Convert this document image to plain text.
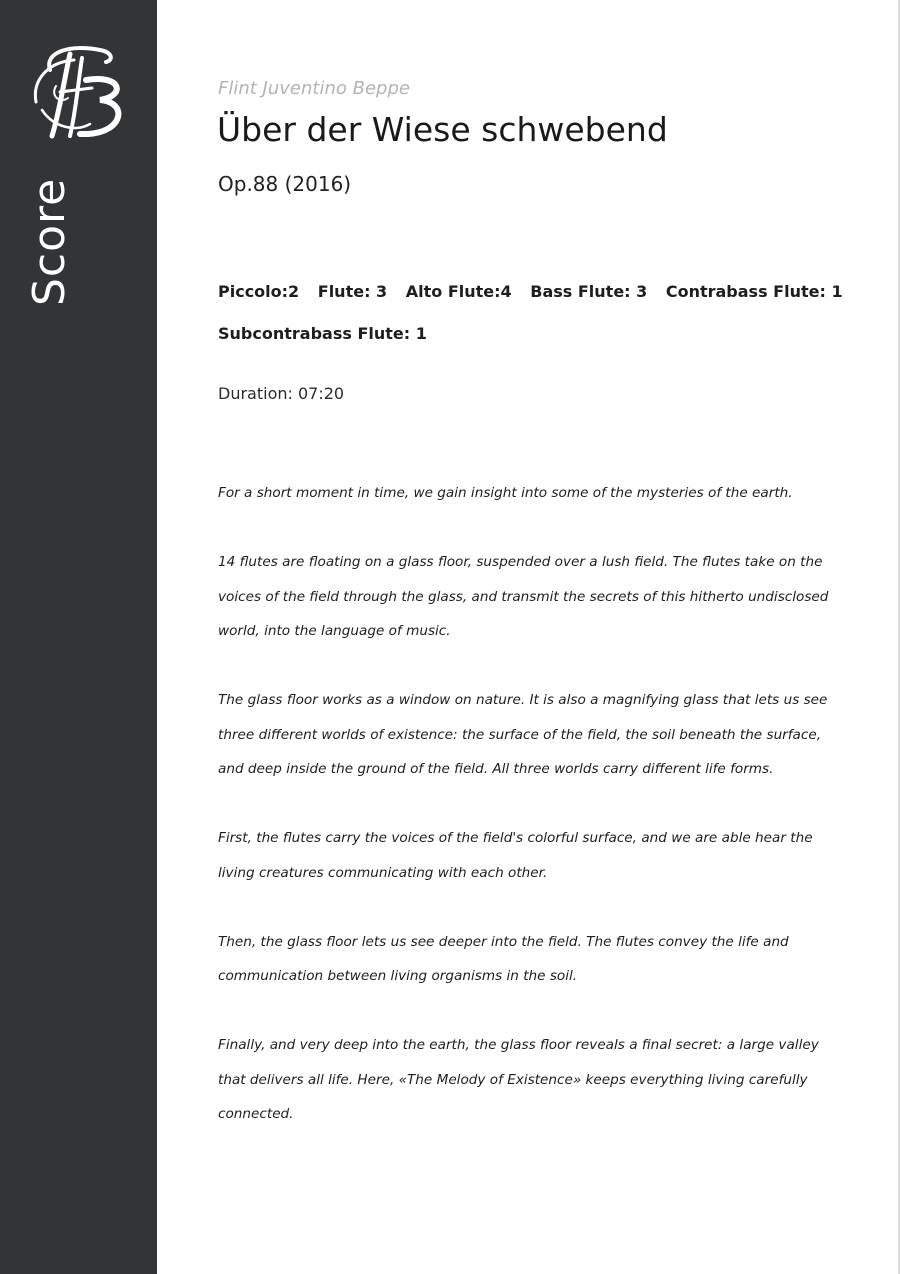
Score
Flint Juventino Beppe
Über der Wiese schwebend
Op.88 (2016)
Piccolo:2 Flute: 3 Alto Flute:4 Bass Flute: 3 Contrabass Flute: 1
Subcontrabass Flute: 1
Duration: 07:20

For a short moment in time, we gain insight into some of the mysteries of the earth.

14 flutes are floating on a glass floor, suspended over a lush field. The flutes take on the voices of the field through the glass, and transmit the secrets of this hitherto undisclosed world, into the language of music.

The glass floor works as a window on nature. It is also a magnifying glass that lets us see three different worlds of existence: the surface of the field, the soil beneath the surface, and deep inside the ground of the field. All three worlds carry different life forms.

First, the flutes carry the voices of the field's colorful surface, and we are able hear the living creatures communicating with each other.

Then, the glass floor lets us see deeper into the field. The flutes convey the life and communication between living organisms in the soil.

Finally, and very deep into the earth, the glass floor reveals a final secret: a large valley that delivers all life. Here, «The Melody of Existence» keeps everything living carefully connected.
